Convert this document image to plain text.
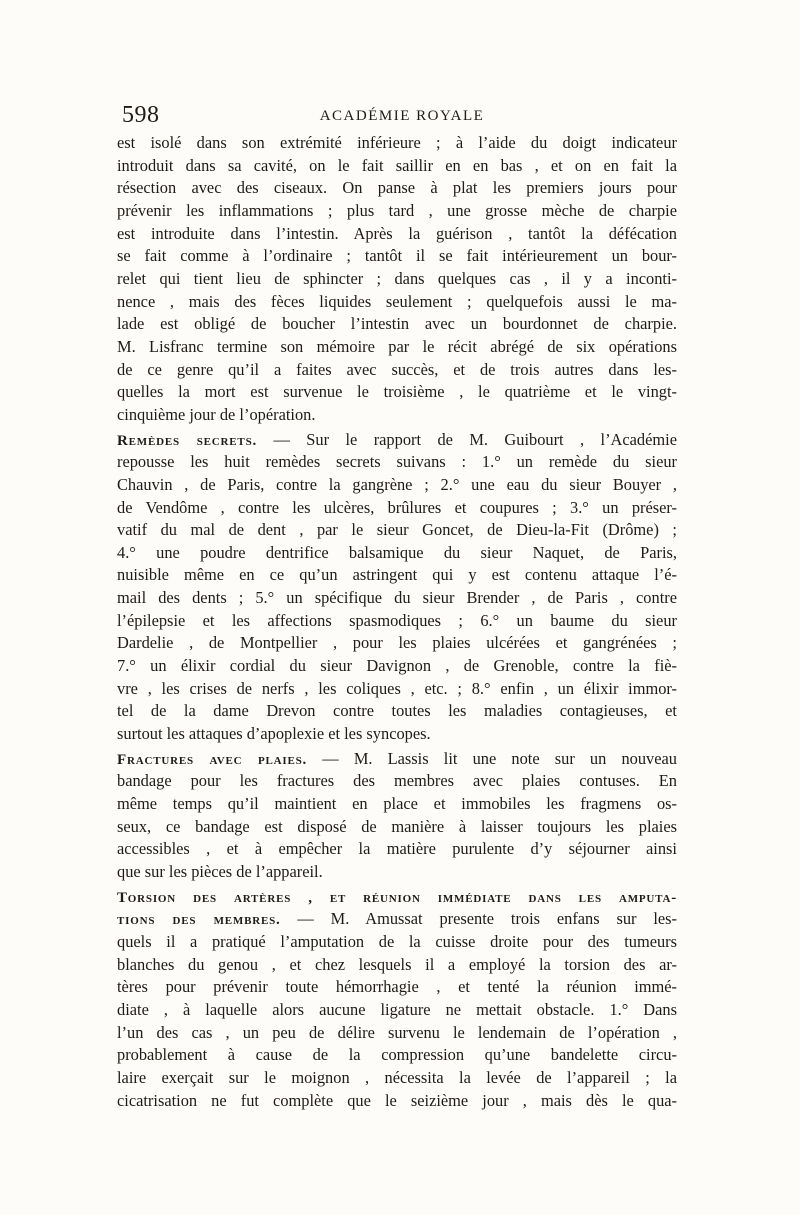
598	ACADÉMIE ROYALE
est isolé dans son extrémité inférieure ; à l’aide du doigt indicateur
introduit dans sa cavité, on le fait saillir en en bas , et on en fait la
résection avec des ciseaux. On panse à plat les premiers jours pour
prévenir les inflammations ; plus tard , une grosse mèche de charpie
est introduite dans l’intestin. Après la guérison , tantôt la défécation
se fait comme à l’ordinaire ; tantôt il se fait intérieurement un bour-
relet qui tient lieu de sphincter ; dans quelques cas , il y a inconti-
nence , mais des fèces liquides seulement ; quelquefois aussi le ma-
lade est obligé de boucher l’intestin avec un bourdonnet de charpie.
M. Lisfranc termine son mémoire par le récit abrégé de six opérations
de ce genre qu’il a faites avec succès, et de trois autres dans les-
quelles la mort est survenue le troisième , le quatrième et le vingt-
cinquième jour de l’opération.
Remèdes secrets. — Sur le rapport de M. Guibourt , l’Académie
repousse les huit remèdes secrets suivans : 1.° un remède du sieur
Chauvin , de Paris, contre la gangrène ; 2.° une eau du sieur Bouyer ,
de Vendôme , contre les ulcères, brûlures et coupures ; 3.° un préser-
vatif du mal de dent , par le sieur Goncet, de Dieu-la-Fit (Drôme) ;
4.° une poudre dentrifice balsamique du sieur Naquet, de Paris,
nuisible même en ce qu’un astringent qui y est contenu attaque l’é-
mail des dents ; 5.° un spécifique du sieur Brender , de Paris , contre
l’épilepsie et les affections spasmodiques ; 6.° un baume du sieur
Dardelie , de Montpellier , pour les plaies ulcérées et gangrénées ;
7.° un élixir cordial du sieur Davignon , de Grenoble, contre la fiè-
vre , les crises de nerfs , les coliques , etc. ; 8.° enfin , un élixir immor-
tel de la dame Drevon contre toutes les maladies contagieuses, et
surtout les attaques d’apoplexie et les syncopes.
Fractures avec plaies. — M. Lassis lit une note sur un nouveau
bandage pour les fractures des membres avec plaies contuses. En
même temps qu’il maintient en place et immobiles les fragmens os-
seux, ce bandage est disposé de manière à laisser toujours les plaies
accessibles , et à empêcher la matière purulente d’y séjourner ainsi
que sur les pièces de l’appareil.
Torsion des artères , et réunion immédiate dans les amputa-
tions des membres. — M. Amussat presente trois enfans sur les-
quels il a pratiqué l’amputation de la cuisse droite pour des tumeurs
blanches du genou , et chez lesquels il a employé la torsion des ar-
tères pour prévenir toute hémorrhagie , et tenté la réunion immé-
diate , à laquelle alors aucune ligature ne mettait obstacle. 1.° Dans
l’un des cas , un peu de délire survenu le lendemain de l’opération ,
probablement à cause de la compression qu’une bandelette circu-
laire exerçait sur le moignon , nécessita la levée de l’appareil ; la
cicatrisation ne fut complète que le seizième jour , mais dès le qua-
